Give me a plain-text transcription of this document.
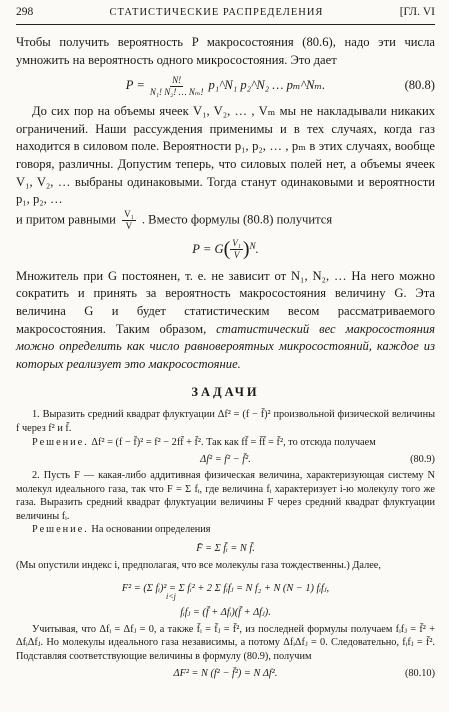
298	СТАТИСТИЧЕСКИЕ РАСПРЕДЕЛЕНИЯ	[ГЛ. VI

Чтобы получить вероятность P макросостояния (80.6), надо эти числа умножить на вероятность одного микросостояния. Это дает

$P = \frac{N!}{\text{N₁! N₂! … Nₘ!}}$ p₁^N₁ p₂^N₂ … pₘ^Nₘ.	(80.8)

До сих пор на объемы ячеек V₁, V₂, … , Vₘ мы не накладывали никаких ограничений. Наши рассуждения применимы и в тех случаях, когда газ находится в силовом поле. Вероятности p₁, p₂, … , pₘ в этих случаях, вообще говоря, различны. Допустим теперь, что силовых полей нет, а объемы ячеек V₁, V₂, … выбраны одинаковыми. Тогда станут одинаковыми и вероятности p₁, p₂, …

и притом равными $\frac{\text{V₁}}{V}$ . Вместо формулы (80.8) получится

P = G ( $\frac{\text{V₁}}{V} )^N$ .

Множитель при G постоянен, т. е. не зависит от N₁, N₂, … На него можно сократить и принять за вероятность макросостояния величину G. Эта величина G и будет статистическим весом рассматриваемого макросостояния. Таким образом, статистический вес макросостояния можно определить как число равновероятных микросостояний, каждое из которых реализует это макросостояние.

ЗАДАЧИ

1. Выразить средний квадрат флуктуации Δf² = (f − f̄)² произвольной физической величины f через f² и f̄.

Решение. Δf² = (f − f̄)² = f² − 2ff̄ + f̄². Так как ff̄ = f̄f̄ = f̄², то отсюда получаем

Δf² = f² − f̄².	(80.9)

2. Пусть F — какая-либо аддитивная физическая величина, характеризующая систему N молекул идеального газа, так что F = Σ fᵢ, где величина fᵢ характеризует i-ю молекулу того же газа. Выразить средний квадрат флуктуации величины F через средний квадрат флуктуации величины fᵢ.

Решение. На основании определения

F̄ = Σ f̄ᵢ = N f̄.

(Мы опустили индекс i, предполагая, что все молекулы газа тождественны.) Далее,

F² = (Σ fᵢ)² = Σ fᵢ² + 2 Σ fᵢfⱼ = N f₂ + N (N − 1) fᵢfⱼ,
i<j
fᵢfⱼ = (f̄ + Δfᵢ)(f̄ + Δfⱼ).

Учитывая, что Δfᵢ = Δfⱼ = 0, а также f̄ᵢ = f̄ⱼ = f̄², из последней формулы получаем fᵢfⱼ = f̄² + ΔfᵢΔfⱼ. Но молекулы идеального газа независимы, а потому ΔfᵢΔfⱼ = 0. Следовательно, fᵢfⱼ = f̄². Подставляя соответствующие величины в формулу (80.9), получим

ΔF² = N (f² − f̄²) = N Δf².	(80.10)
